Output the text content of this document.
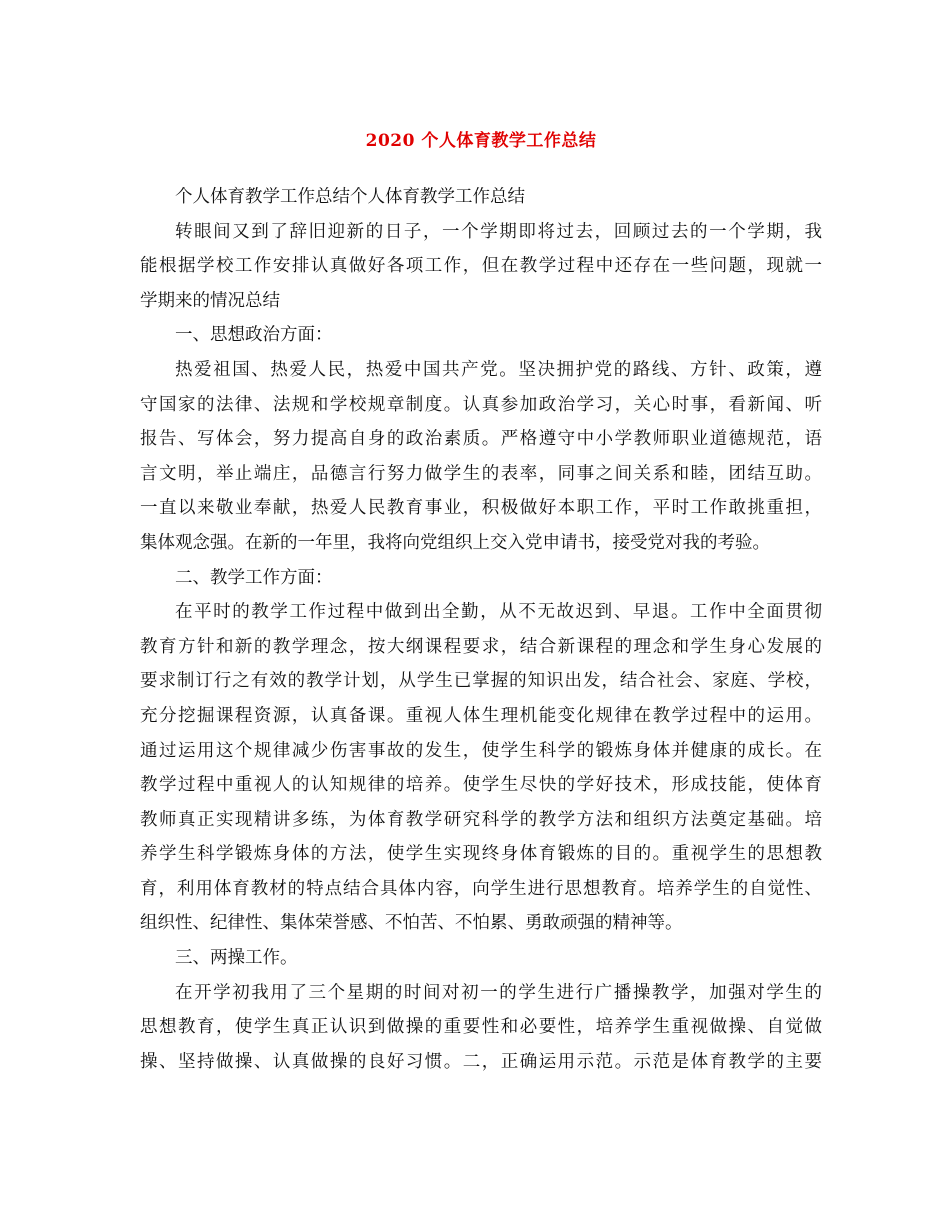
2020 个人体育教学工作总结
个人体育教学工作总结个人体育教学工作总结
转眼间又到了辞旧迎新的日子，一个学期即将过去，回顾过去的一个学期，我
能根据学校工作安排认真做好各项工作，但在教学过程中还存在一些问题，现就一
学期来的情况总结
一、思想政治方面：
热爱祖国、热爱人民，热爱中国共产党。坚决拥护党的路线、方针、政策，遵
守国家的法律、法规和学校规章制度。认真参加政治学习，关心时事，看新闻、听
报告、写体会，努力提高自身的政治素质。严格遵守中小学教师职业道德规范，语
言文明，举止端庄，品德言行努力做学生的表率，同事之间关系和睦，团结互助。
一直以来敬业奉献，热爱人民教育事业，积极做好本职工作，平时工作敢挑重担，
集体观念强。在新的一年里，我将向党组织上交入党申请书，接受党对我的考验。
二、教学工作方面：
在平时的教学工作过程中做到出全勤，从不无故迟到、早退。工作中全面贯彻
教育方针和新的教学理念，按大纲课程要求，结合新课程的理念和学生身心发展的
要求制订行之有效的教学计划，从学生已掌握的知识出发，结合社会、家庭、学校，
充分挖掘课程资源，认真备课。重视人体生理机能变化规律在教学过程中的运用。
通过运用这个规律减少伤害事故的发生，使学生科学的锻炼身体并健康的成长。在
教学过程中重视人的认知规律的培养。使学生尽快的学好技术，形成技能，使体育
教师真正实现精讲多练，为体育教学研究科学的教学方法和组织方法奠定基础。培
养学生科学锻炼身体的方法，使学生实现终身体育锻炼的目的。重视学生的思想教
育，利用体育教材的特点结合具体内容，向学生进行思想教育。培养学生的自觉性、
组织性、纪律性、集体荣誉感、不怕苦、不怕累、勇敢顽强的精神等。
三、两操工作。
在开学初我用了三个星期的时间对初一的学生进行广播操教学，加强对学生的
思想教育，使学生真正认识到做操的重要性和必要性，培养学生重视做操、自觉做
操、坚持做操、认真做操的良好习惯。二，正确运用示范。示范是体育教学的主要
